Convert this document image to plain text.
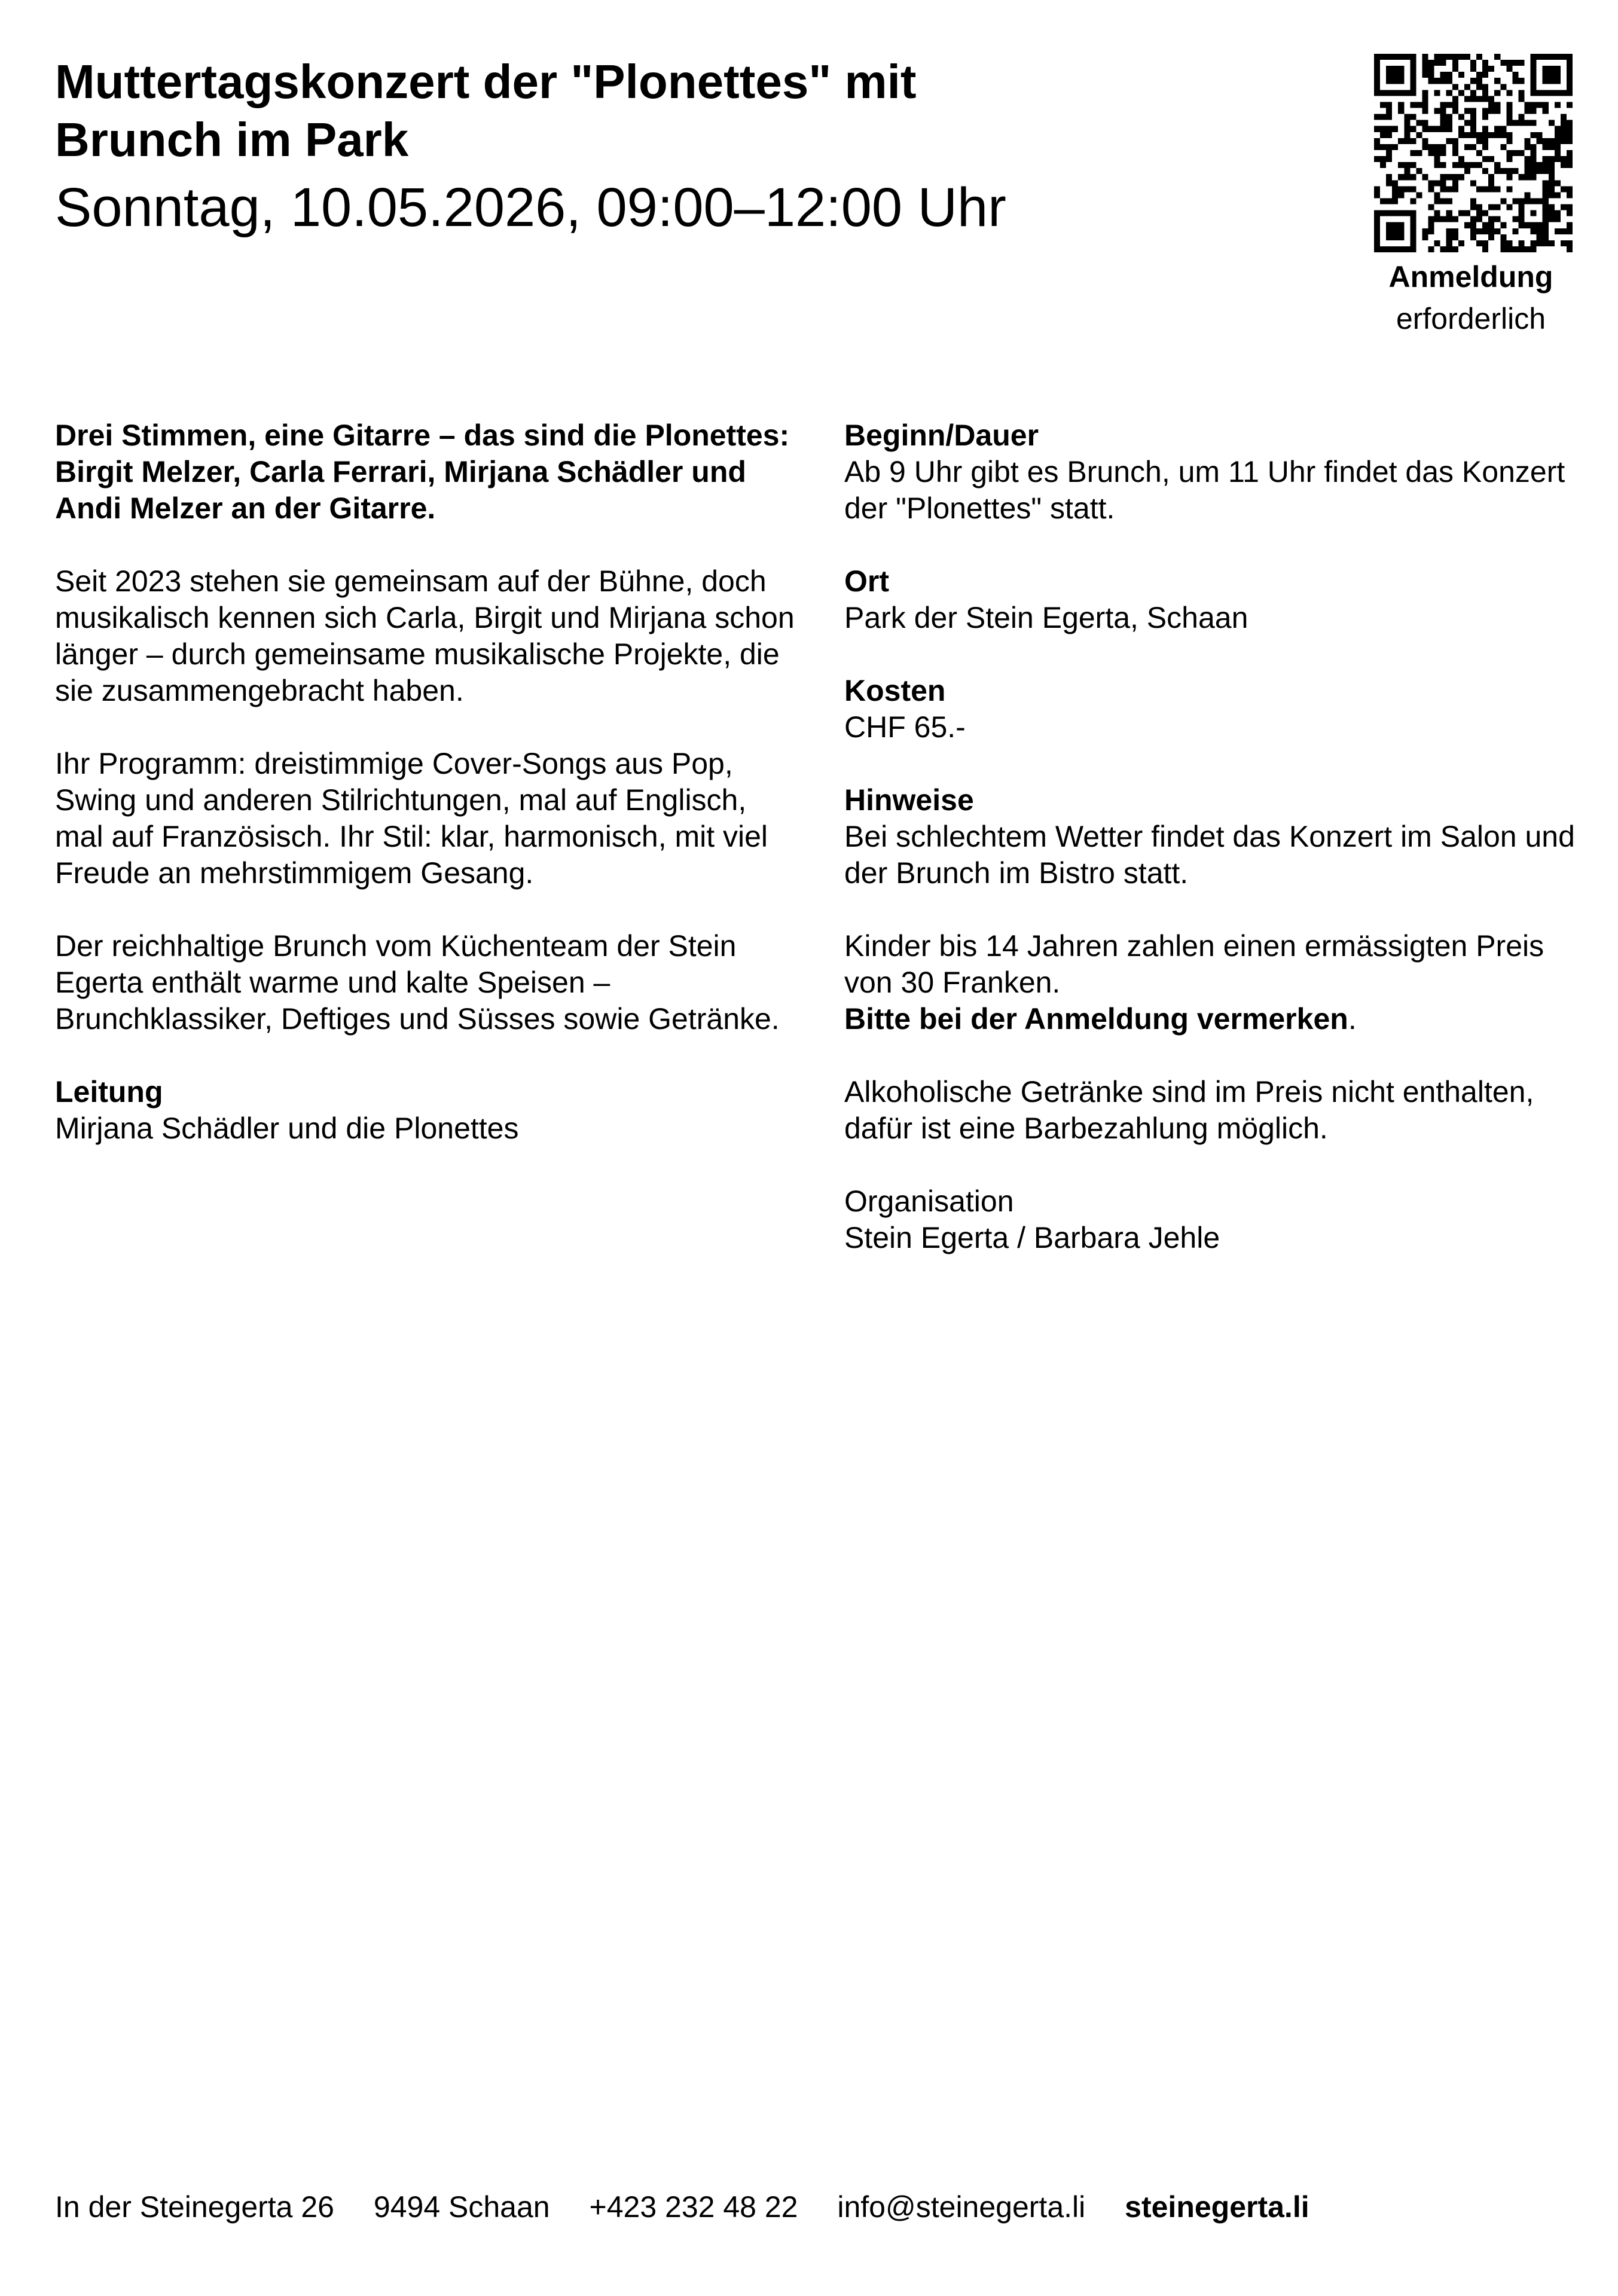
Muttertagskonzert der "Plonettes" mit
Brunch im Park
Sonntag, 10.05.2026, 09:00–12:00 Uhr
Anmeldung
erforderlich

Drei Stimmen, eine Gitarre – das sind die Plonettes: Birgit Melzer, Carla Ferrari, Mirjana Schädler und Andi Melzer an der Gitarre.

Seit 2023 stehen sie gemeinsam auf der Bühne, doch musikalisch kennen sich Carla, Birgit und Mirjana schon länger – durch gemeinsame musikalische Projekte, die sie zusammengebracht haben.

Ihr Programm: dreistimmige Cover-Songs aus Pop, Swing und anderen Stilrichtungen, mal auf Englisch, mal auf Französisch. Ihr Stil: klar, harmonisch, mit viel Freude an mehrstimmigem Gesang.

Der reichhaltige Brunch vom Küchenteam der Stein Egerta enthält warme und kalte Speisen – Brunchklassiker, Deftiges und Süsses sowie Getränke.

Leitung
Mirjana Schädler und die Plonettes

Beginn/Dauer
Ab 9 Uhr gibt es Brunch, um 11 Uhr findet das Konzert der "Plonettes" statt.

Ort
Park der Stein Egerta, Schaan

Kosten
CHF 65.-

Hinweise
Bei schlechtem Wetter findet das Konzert im Salon und der Brunch im Bistro statt.

Kinder bis 14 Jahren zahlen einen ermässigten Preis von 30 Franken.
Bitte bei der Anmeldung vermerken.

Alkoholische Getränke sind im Preis nicht enthalten, dafür ist eine Barbezahlung möglich.

Organisation
Stein Egerta / Barbara Jehle

In der Steinegerta 26 9494 Schaan +423 232 48 22 info@steinegerta.li steinegerta.li
